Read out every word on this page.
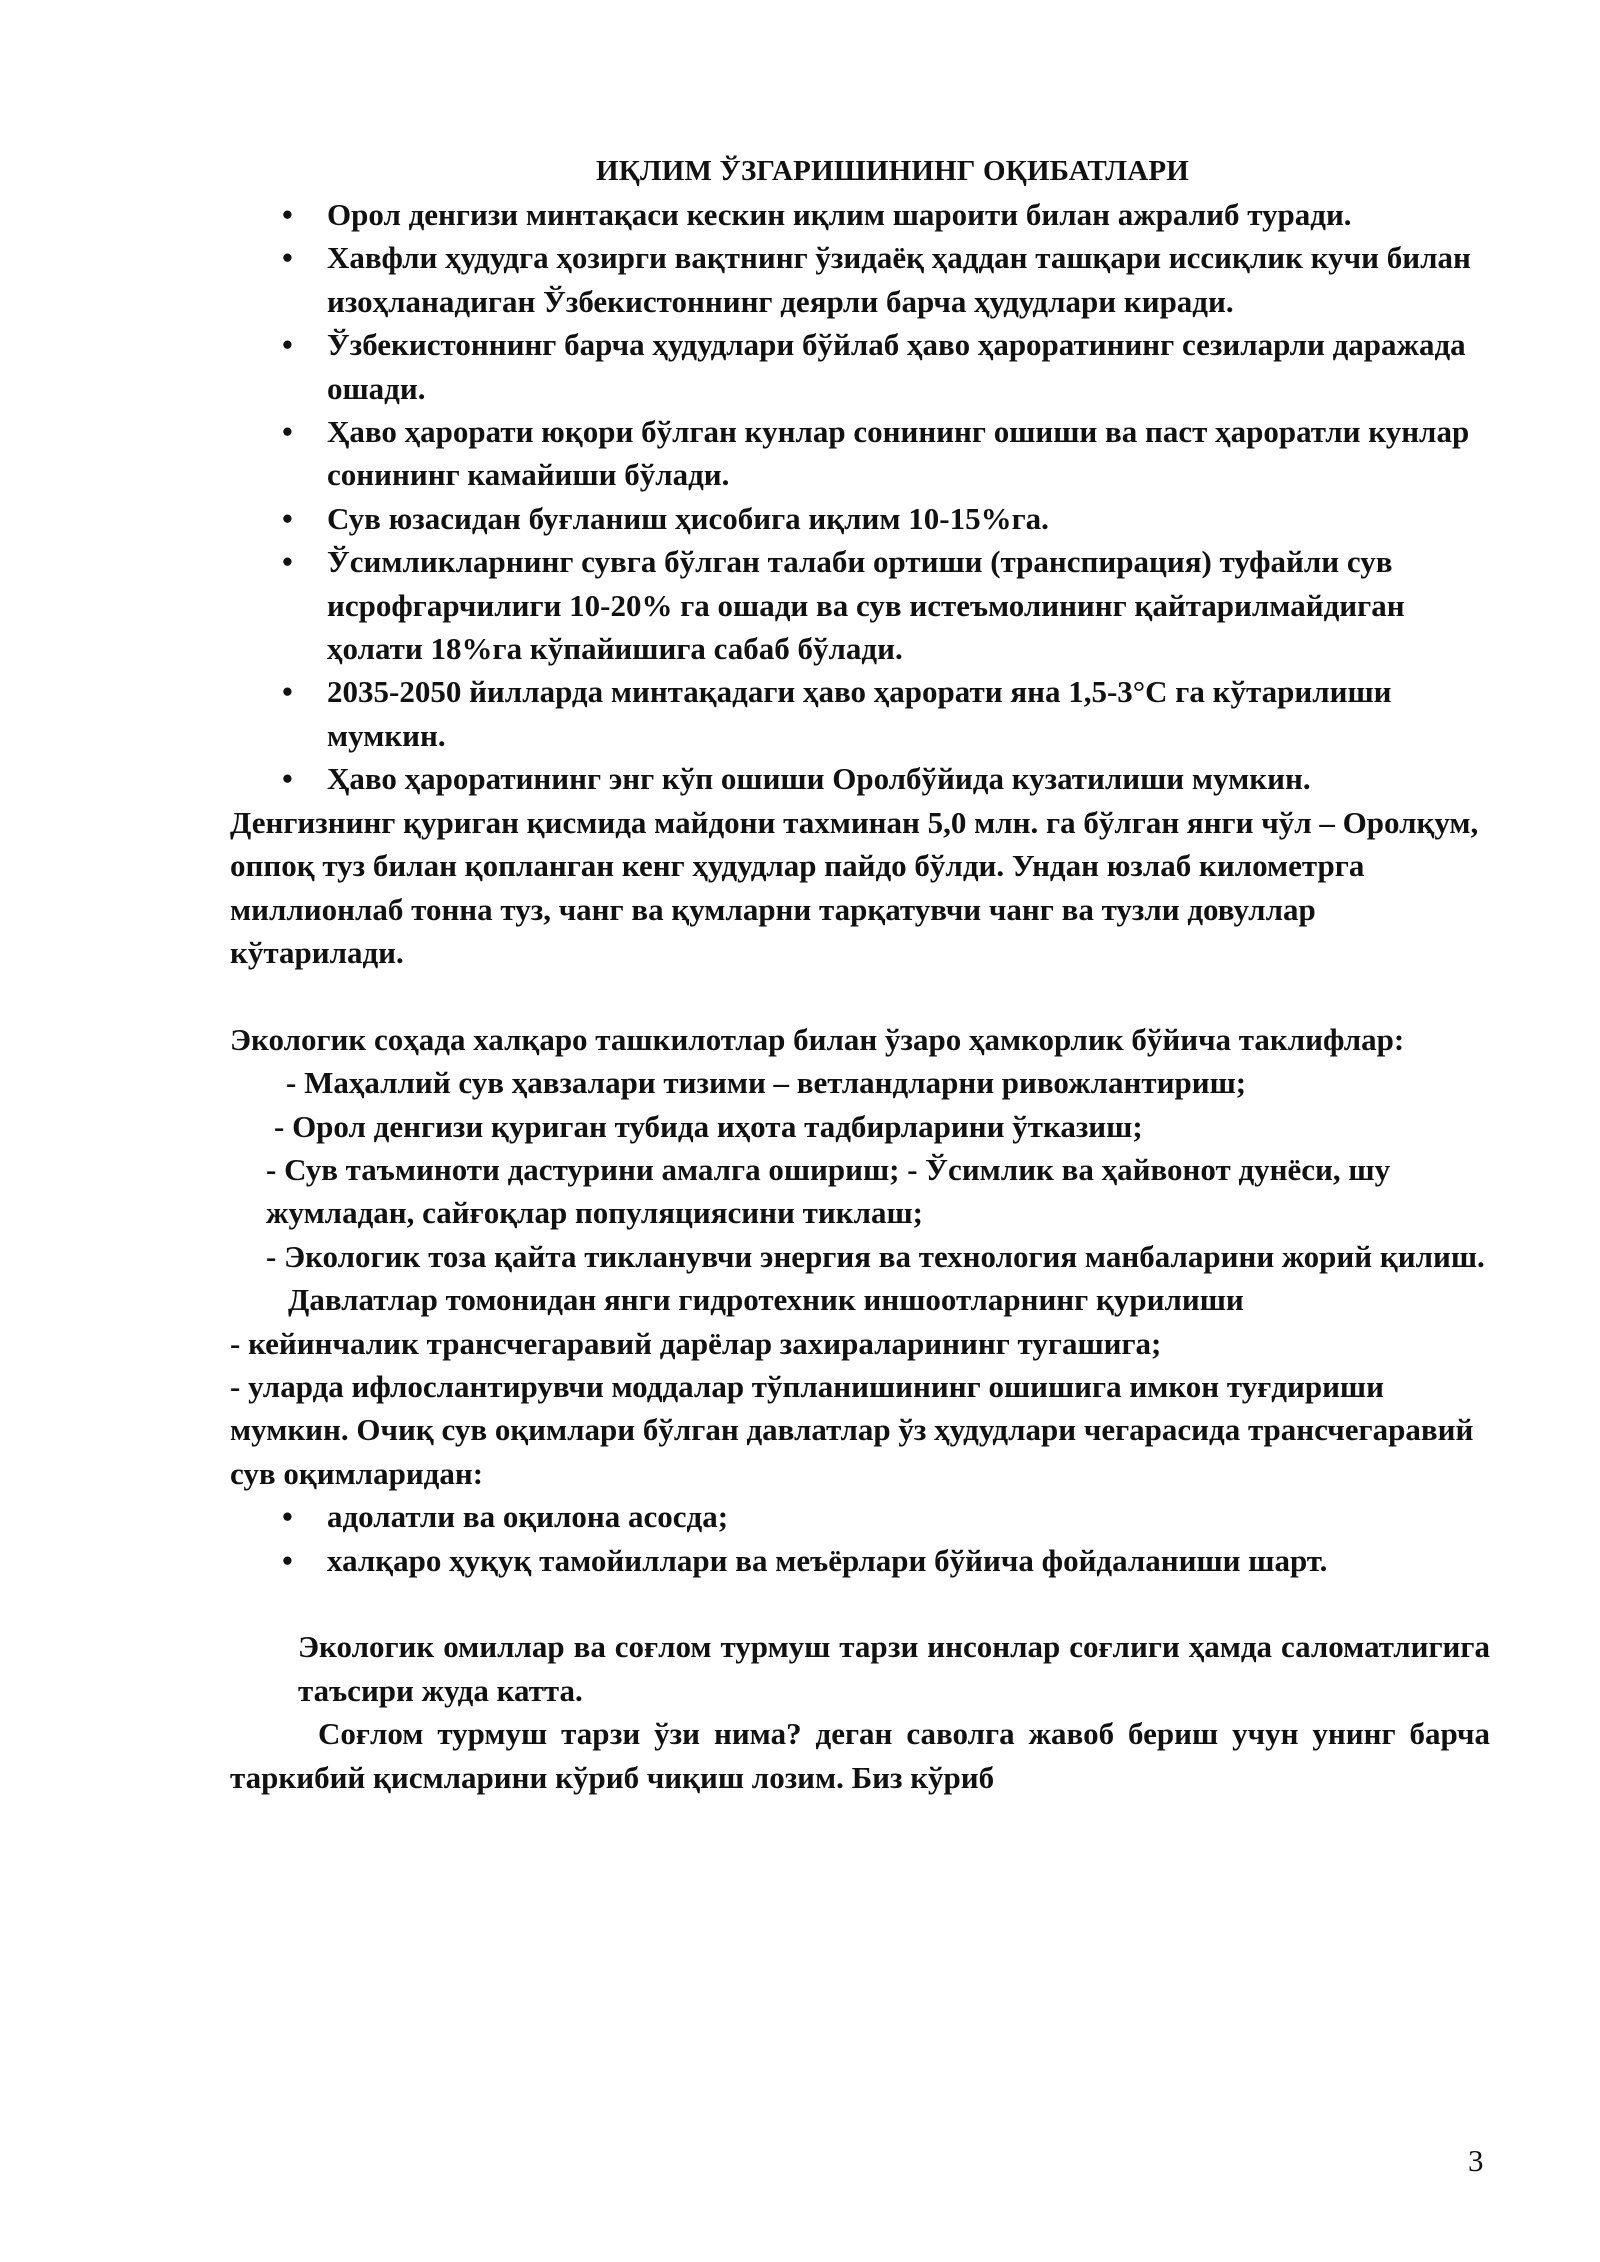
ИҚЛИМ ЎЗГАРИШИНИНГ ОҚИБАТЛАРИ

• Орол денгизи минтақаси кескин иқлим шароити билан ажралиб туради.
• Хавфли ҳудудга ҳозирги вақтнинг ўзидаёқ ҳаддан ташқари иссиқлик кучи билан изоҳланадиган Ўзбекистоннинг деярли барча ҳудудлари киради.
• Ўзбекистоннинг барча ҳудудлари бўйлаб ҳаво ҳароратининг сезиларли даражада ошади.
• Ҳаво ҳарорати юқори бўлган кунлар сонининг ошиши ва паст ҳароратли кунлар сонининг камайиши бўлади.
• Сув юзасидан буғланиш ҳисобига иқлим 10-15%га.
• Ўсимликларнинг сувга бўлган талаби ортиши (транспирация) туфайли сув исрофгарчилиги 10-20% га ошади ва сув истеъмолининг қайтарилмайдиган ҳолати 18%га кўпайишига сабаб бўлади.
• 2035-2050 йилларда минтақадаги ҳаво ҳарорати яна 1,5-3°С га кўтарилиши мумкин.
• Ҳаво ҳароратининг энг кўп ошиши Оролбўйида кузатилиши мумкин.

Денгизнинг қуриган қисмида майдони тахминан 5,0 млн. га бўлган янги чўл – Оролқум, оппоқ туз билан қопланган кенг ҳудудлар пайдо бўлди. Ундан юзлаб километрга миллионлаб тонна туз, чанг ва қумларни тарқатувчи чанг ва тузли довуллар кўтарилади.

Экологик соҳада халқаро ташкилотлар билан ўзаро ҳамкорлик бўйича таклифлар:

- Маҳаллий сув ҳавзалари тизими – ветландларни ривожлантириш;

- Орол денгизи қуриган тубида иҳота тадбирларини ўтказиш;

- Сув таъминоти дастурини амалга ошириш; - Ўсимлик ва ҳайвонот дунёси, шу жумладан, сайғоқлар популяциясини тиклаш;

- Экологик тоза қайта тикланувчи энергия ва технология манбаларини жорий қилиш.

Давлатлар томонидан янги гидротехник иншоотларнинг қурилиши

- кейинчалик трансчегаравий дарёлар захираларининг тугашига;

- уларда ифлослантирувчи моддалар тўпланишининг ошишига имкон туғдириши мумкин. Очиқ сув оқимлари бўлган давлатлар ўз ҳудудлари чегарасида трансчегаравий сув оқимларидан:

• адолатли ва оқилона асосда;
• халқаро ҳуқуқ тамойиллари ва меъёрлари бўйича фойдаланиши шарт.

Экологик омиллар ва соғлом турмуш тарзи инсонлар соғлиги ҳамда саломатлигига таъсири жуда катта.

Соғлом турмуш тарзи ўзи нима? деган саволга жавоб бериш учун унинг барча таркибий қисмларини кўриб чиқиш лозим. Биз кўриб

3
